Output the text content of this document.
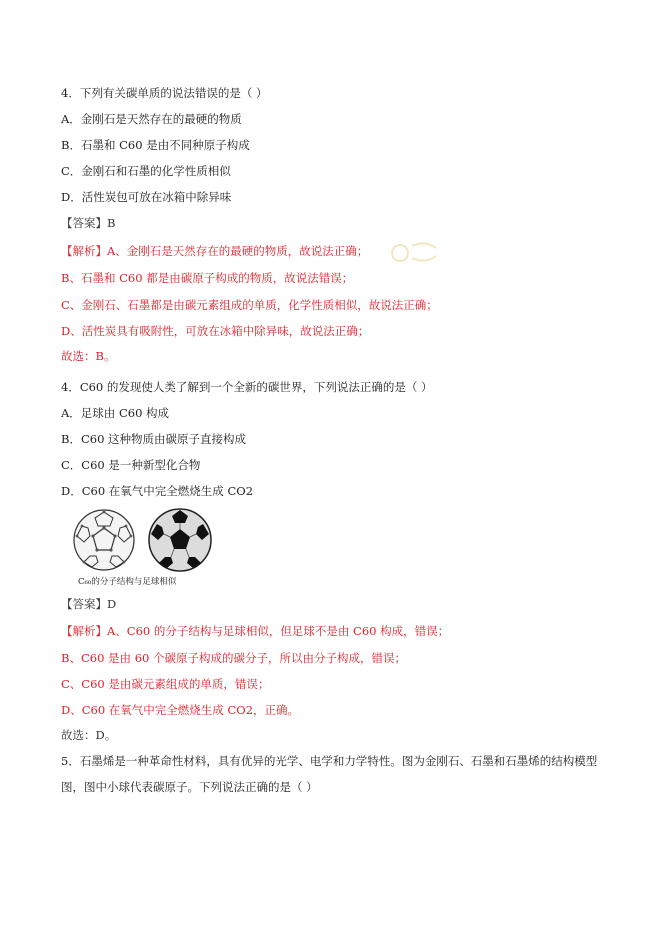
4．下列有关碳单质的说法错误的是（ ）
A．金刚石是天然存在的最硬的物质
B．石墨和 C60 是由不同种原子构成
C．金刚石和石墨的化学性质相似
D．活性炭包可放在冰箱中除异味
【答案】B
【解析】A、金刚石是天然存在的最硬的物质，故说法正确；
B、石墨和 C60 都是由碳原子构成的物质，故说法错误；
C、金刚石、石墨都是由碳元素组成的单质，化学性质相似，故说法正确；
D、活性炭具有吸附性，可放在冰箱中除异味，故说法正确；
故选：B。
4．C60 的发现使人类了解到一个全新的碳世界，下列说法正确的是（ ）
A．足球由 C60 构成
B．C60 这种物质由碳原子直接构成
C．C60 是一种新型化合物
D．C60 在氧气中完全燃烧生成 CO2
C₆₀的分子结构与足球相似
【答案】D
【解析】A、C60 的分子结构与足球相似，但足球不是由 C60 构成，错误；
B、C60 是由 60 个碳原子构成的碳分子，所以由分子构成，错误；
C、C60 是由碳元素组成的单质，错误；
D、C60 在氧气中完全燃烧生成 CO2，正确。
故选：D。
5．石墨烯是一种革命性材料，具有优异的光学、电学和力学特性。图为金刚石、石墨和石墨烯的结构模型
图，图中小球代表碳原子。下列说法正确的是（ ）
